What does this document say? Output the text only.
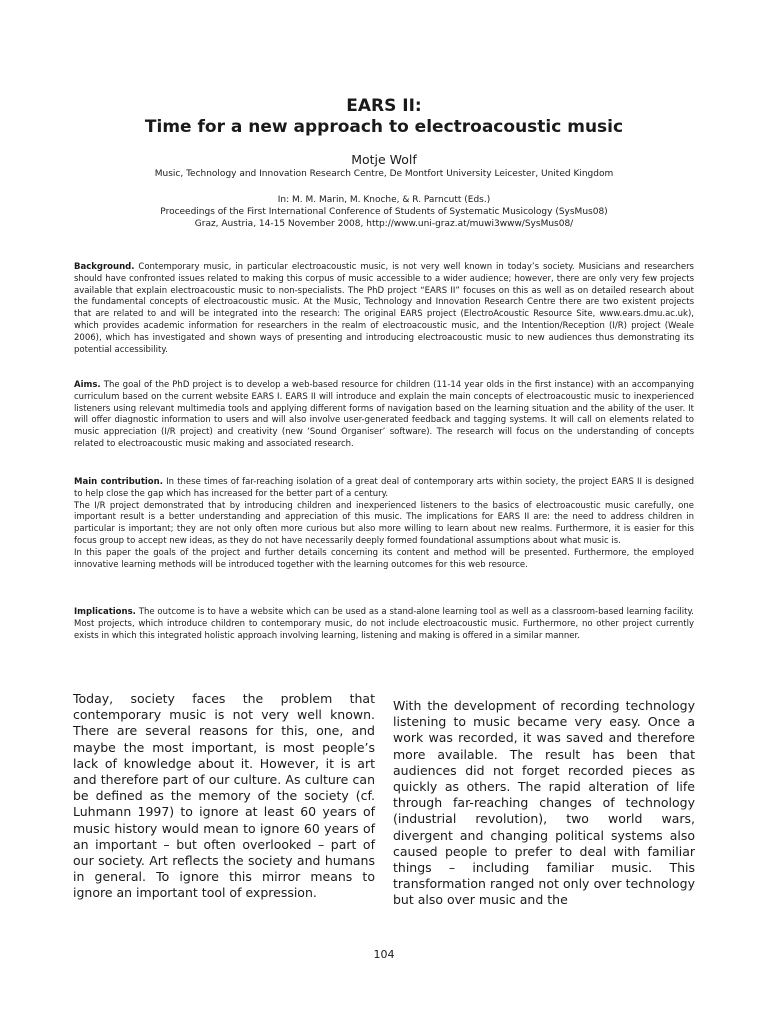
EARS II:
Time for a new approach to electroacoustic music
Motje Wolf
Music, Technology and Innovation Research Centre, De Montfort University Leicester, United Kingdom
In: M. M. Marin, M. Knoche, & R. Parncutt (Eds.)
Proceedings of the First International Conference of Students of Systematic Musicology (SysMus08)
Graz, Austria, 14-15 November 2008, http://www.uni-graz.at/muwi3www/SysMus08/

Background. Contemporary music, in particular electroacoustic music, is not very well known in today’s society. Musicians and researchers should have confronted issues related to making this corpus of music accessible to a wider audience; however, there are only very few projects available that explain electroacoustic music to non-specialists. The PhD project “EARS II” focuses on this as well as on detailed research about the fundamental concepts of electroacoustic music. At the Music, Technology and Innovation Research Centre there are two existent projects that are related to and will be integrated into the research: The original EARS project (ElectroAcoustic Resource Site, www.ears.dmu.ac.uk), which provides academic information for researchers in the realm of electroacoustic music, and the Intention/Reception (I/R) project (Weale 2006), which has investigated and shown ways of presenting and introducing electroacoustic music to new audiences thus demonstrating its potential accessibility.

Aims. The goal of the PhD project is to develop a web-based resource for children (11-14 year olds in the first instance) with an accompanying curriculum based on the current website EARS I. EARS II will introduce and explain the main concepts of electroacoustic music to inexperienced listeners using relevant multimedia tools and applying different forms of navigation based on the learning situation and the ability of the user. It will offer diagnostic information to users and will also involve user-generated feedback and tagging systems. It will call on elements related to music appreciation (I/R project) and creativity (new ‘Sound Organiser’ software). The research will focus on the understanding of concepts related to electroacoustic music making and associated research.

Main contribution. In these times of far-reaching isolation of a great deal of contemporary arts within society, the project EARS II is designed to help close the gap which has increased for the better part of a century.

The I/R project demonstrated that by introducing children and inexperienced listeners to the basics of electroacoustic music carefully, one important result is a better understanding and appreciation of this music. The implications for EARS II are: the need to address children in particular is important; they are not only often more curious but also more willing to learn about new realms. Furthermore, it is easier for this focus group to accept new ideas, as they do not have necessarily deeply formed foundational assumptions about what music is.

In this paper the goals of the project and further details concerning its content and method will be presented. Furthermore, the employed innovative learning methods will be introduced together with the learning outcomes for this web resource.

Implications. The outcome is to have a website which can be used as a stand-alone learning tool as well as a classroom-based learning facility. Most projects, which introduce children to contemporary music, do not include electroacoustic music. Furthermore, no other project currently exists in which this integrated holistic approach involving learning, listening and making is offered in a similar manner.

Today, society faces the problem that contemporary music is not very well known. There are several reasons for this, one, and maybe the most important, is most people’s lack of knowledge about it. However, it is art and therefore part of our culture. As culture can be defined as the memory of the society (cf. Luhmann 1997) to ignore at least 60 years of music history would mean to ignore 60 years of an important – but often overlooked – part of our society. Art reflects the society and humans in general. To ignore this mirror means to ignore an important tool of expression.

With the development of recording technology listening to music became very easy. Once a work was recorded, it was saved and therefore more available. The result has been that audiences did not forget recorded pieces as quickly as others. The rapid alteration of life through far-reaching changes of technology (industrial revolution), two world wars, divergent and changing political systems also caused people to prefer to deal with familiar things – including familiar music. This transformation ranged not only over technology but also over music and the

104
